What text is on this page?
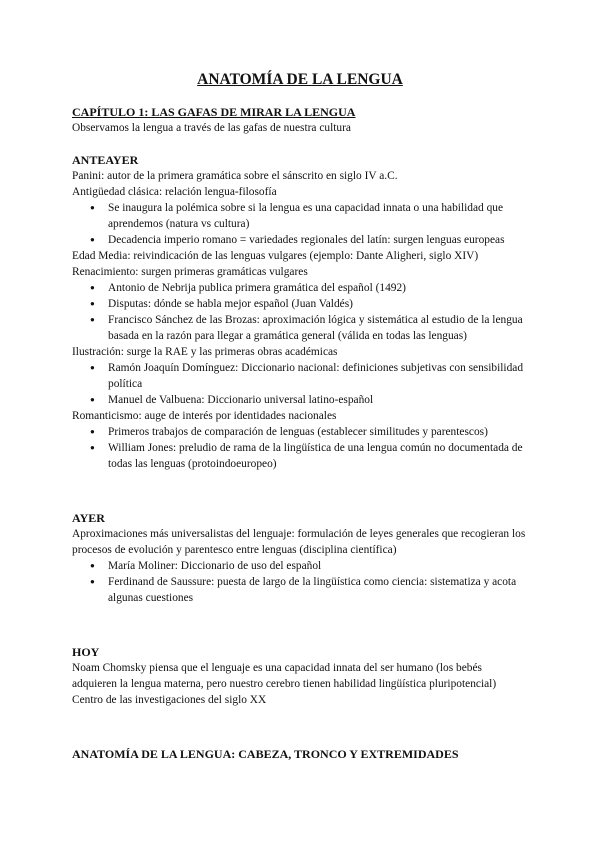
ANATOMÍA DE LA LENGUA
CAPÍTULO 1: LAS GAFAS DE MIRAR LA LENGUA

Observamos la lengua a través de las gafas de nuestra cultura

ANTEAYER

Panini: autor de la primera gramática sobre el sánscrito en siglo IV a.C.

Antigüedad clásica: relación lengua-filosofía

● Se inaugura la polémica sobre si la lengua es una capacidad innata o una habilidad que aprendemos (natura vs cultura)
● Decadencia imperio romano = variedades regionales del latín: surgen lenguas europeas

Edad Media: reivindicación de las lenguas vulgares (ejemplo: Dante Aligheri, siglo XIV)

Renacimiento: surgen primeras gramáticas vulgares

● Antonio de Nebrija publica primera gramática del español (1492)
● Disputas: dónde se habla mejor español (Juan Valdés)
● Francisco Sánchez de las Brozas: aproximación lógica y sistemática al estudio de la lengua basada en la razón para llegar a gramática general (válida en todas las lenguas)

Ilustración: surge la RAE y las primeras obras académicas

● Ramón Joaquín Domínguez: Diccionario nacional: definiciones subjetivas con sensibilidad política
● Manuel de Valbuena: Diccionario universal latino-español

Romanticismo: auge de interés por identidades nacionales

● Primeros trabajos de comparación de lenguas (establecer similitudes y parentescos)
● William Jones: preludio de rama de la lingüística de una lengua común no documentada de todas las lenguas (protoindoeuropeo)
AYER

Aproximaciones más universalistas del lenguaje: formulación de leyes generales que recogieran los procesos de evolución y parentesco entre lenguas (disciplina científica)

● María Moliner: Diccionario de uso del español
● Ferdinand de Saussure: puesta de largo de la lingüística como ciencia: sistematiza y acota algunas cuestiones
HOY

Noam Chomsky piensa que el lenguaje es una capacidad innata del ser humano (los bebés adquieren la lengua materna, pero nuestro cerebro tienen habilidad lingüística pluripotencial)

Centro de las investigaciones del siglo XX

ANATOMÍA DE LA LENGUA: CABEZA, TRONCO Y EXTREMIDADES
